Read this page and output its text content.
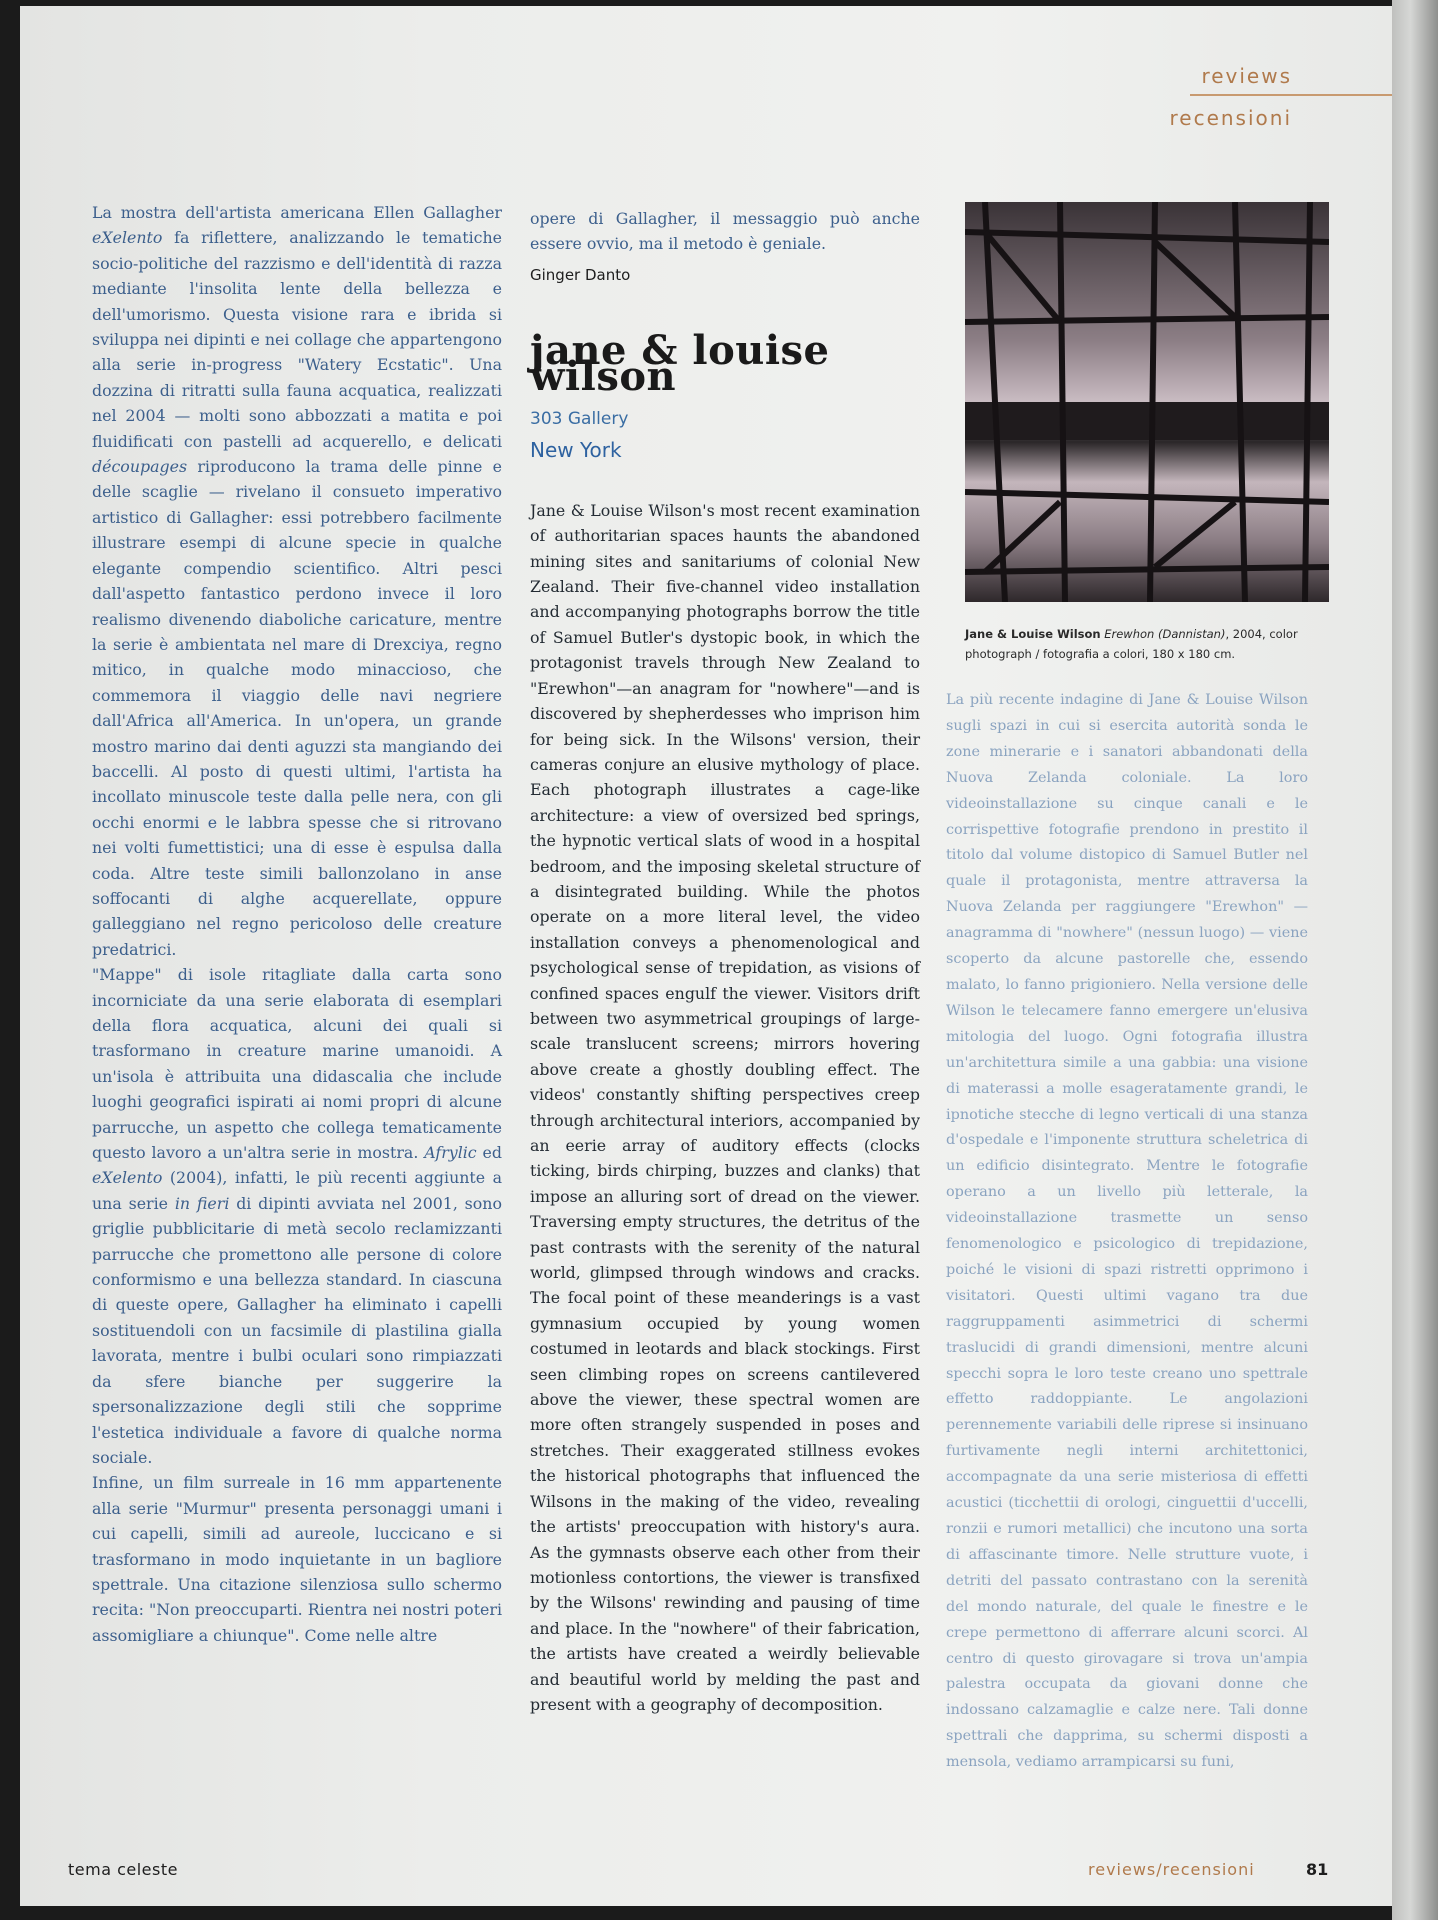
reviews
recensioni

La mostra dell'artista americana Ellen Gallagher eXelento fa riflettere, analizzando le tematiche socio-politiche del razzismo e dell'identità di razza mediante l'insolita lente della bellezza e dell'umorismo. Questa visione rara e ibrida si sviluppa nei dipinti e nei collage che appartengono alla serie in-progress "Watery Ecstatic". Una dozzina di ritratti sulla fauna acquatica, realizzati nel 2004 — molti sono abbozzati a matita e poi fluidificati con pastelli ad acquerello, e delicati découpages riproducono la trama delle pinne e delle scaglie — rivelano il consueto imperativo artistico di Gallagher: essi potrebbero facilmente illustrare esempi di alcune specie in qualche elegante compendio scientifico. Altri pesci dall'aspetto fantastico perdono invece il loro realismo divenendo diaboliche caricature, mentre la serie è ambientata nel mare di Drexciya, regno mitico, in qualche modo minaccioso, che commemora il viaggio delle navi negriere dall'Africa all'America. In un'opera, un grande mostro marino dai denti aguzzi sta mangiando dei baccelli. Al posto di questi ultimi, l'artista ha incollato minuscole teste dalla pelle nera, con gli occhi enormi e le labbra spesse che si ritrovano nei volti fumettistici; una di esse è espulsa dalla coda. Altre teste simili ballonzolano in anse soffocanti di alghe acquerellate, oppure galleggiano nel regno pericoloso delle creature predatrici.

"Mappe" di isole ritagliate dalla carta sono incorniciate da una serie elaborata di esemplari della flora acquatica, alcuni dei quali si trasformano in creature marine umanoidi. A un'isola è attribuita una didascalia che include luoghi geografici ispirati ai nomi propri di alcune parrucche, un aspetto che collega tematicamente questo lavoro a un'altra serie in mostra. Afrylic ed eXelento (2004), infatti, le più recenti aggiunte a una serie in fieri di dipinti avviata nel 2001, sono griglie pubblicitarie di metà secolo reclamizzanti parrucche che promettono alle persone di colore conformismo e una bellezza standard. In ciascuna di queste opere, Gallagher ha eliminato i capelli sostituendoli con un facsimile di plastilina gialla lavorata, mentre i bulbi oculari sono rimpiazzati da sfere bianche per suggerire la spersonalizzazione degli stili che sopprime l'estetica individuale a favore di qualche norma sociale.

Infine, un film surreale in 16 mm appartenente alla serie "Murmur" presenta personaggi umani i cui capelli, simili ad aureole, luccicano e si trasformano in modo inquietante in un bagliore spettrale. Una citazione silenziosa sullo schermo recita: "Non preoccuparti. Rientra nei nostri poteri assomigliare a chiunque". Come nelle altre

opere di Gallagher, il messaggio può anche essere ovvio, ma il metodo è geniale.

Ginger Danto

jane & louise wilson

303 Gallery

New York

Jane & Louise Wilson's most recent examination of authoritarian spaces haunts the abandoned mining sites and sanitariums of colonial New Zealand. Their five-channel video installation and accompanying photographs borrow the title of Samuel Butler's dystopic book, in which the protagonist travels through New Zealand to "Erewhon"—an anagram for "nowhere"—and is discovered by shepherdesses who imprison him for being sick. In the Wilsons' version, their cameras conjure an elusive mythology of place. Each photograph illustrates a cage-like architecture: a view of oversized bed springs, the hypnotic vertical slats of wood in a hospital bedroom, and the imposing skeletal structure of a disintegrated building. While the photos operate on a more literal level, the video installation conveys a phenomenological and psychological sense of trepidation, as visions of confined spaces engulf the viewer. Visitors drift between two asymmetrical groupings of large-scale translucent screens; mirrors hovering above create a ghostly doubling effect. The videos' constantly shifting perspectives creep through architectural interiors, accompanied by an eerie array of auditory effects (clocks ticking, birds chirping, buzzes and clanks) that impose an alluring sort of dread on the viewer. Traversing empty structures, the detritus of the past contrasts with the serenity of the natural world, glimpsed through windows and cracks. The focal point of these meanderings is a vast gymnasium occupied by young women costumed in leotards and black stockings. First seen climbing ropes on screens cantilevered above the viewer, these spectral women are more often strangely suspended in poses and stretches. Their exaggerated stillness evokes the historical photographs that influenced the Wilsons in the making of the video, revealing the artists' preoccupation with history's aura. As the gymnasts observe each other from their motionless contortions, the viewer is transfixed by the Wilsons' rewinding and pausing of time and place. In the "nowhere" of their fabrication, the artists have created a weirdly believable and beautiful world by melding the past and present with a geography of decomposition.

Jane & Louise Wilson Erewhon (Dannistan), 2004, color photograph / fotografia a colori, 180 x 180 cm.

La più recente indagine di Jane & Louise Wilson sugli spazi in cui si esercita autorità sonda le zone minerarie e i sanatori abbandonati della Nuova Zelanda coloniale. La loro videoinstallazione su cinque canali e le corrispettive fotografie prendono in prestito il titolo dal volume distopico di Samuel Butler nel quale il protagonista, mentre attraversa la Nuova Zelanda per raggiungere "Erewhon" — anagramma di "nowhere" (nessun luogo) — viene scoperto da alcune pastorelle che, essendo malato, lo fanno prigioniero. Nella versione delle Wilson le telecamere fanno emergere un'elusiva mitologia del luogo. Ogni fotografia illustra un'architettura simile a una gabbia: una visione di materassi a molle esageratamente grandi, le ipnotiche stecche di legno verticali di una stanza d'ospedale e l'imponente struttura scheletrica di un edificio disintegrato. Mentre le fotografie operano a un livello più letterale, la videoinstallazione trasmette un senso fenomenologico e psicologico di trepidazione, poiché le visioni di spazi ristretti opprimono i visitatori. Questi ultimi vagano tra due raggruppamenti asimmetrici di schermi traslucidi di grandi dimensioni, mentre alcuni specchi sopra le loro teste creano uno spettrale effetto raddoppiante. Le angolazioni perennemente variabili delle riprese si insinuano furtivamente negli interni architettonici, accompagnate da una serie misteriosa di effetti acustici (ticchettii di orologi, cinguettii d'uccelli, ronzii e rumori metallici) che incutono una sorta di affascinante timore. Nelle strutture vuote, i detriti del passato contrastano con la serenità del mondo naturale, del quale le finestre e le crepe permettono di afferrare alcuni scorci. Al centro di questo girovagare si trova un'ampia palestra occupata da giovani donne che indossano calzamaglie e calze nere. Tali donne spettrali che dapprima, su schermi disposti a mensola, vediamo arrampicarsi su funi,

tema celeste	reviews/recensioni	81
